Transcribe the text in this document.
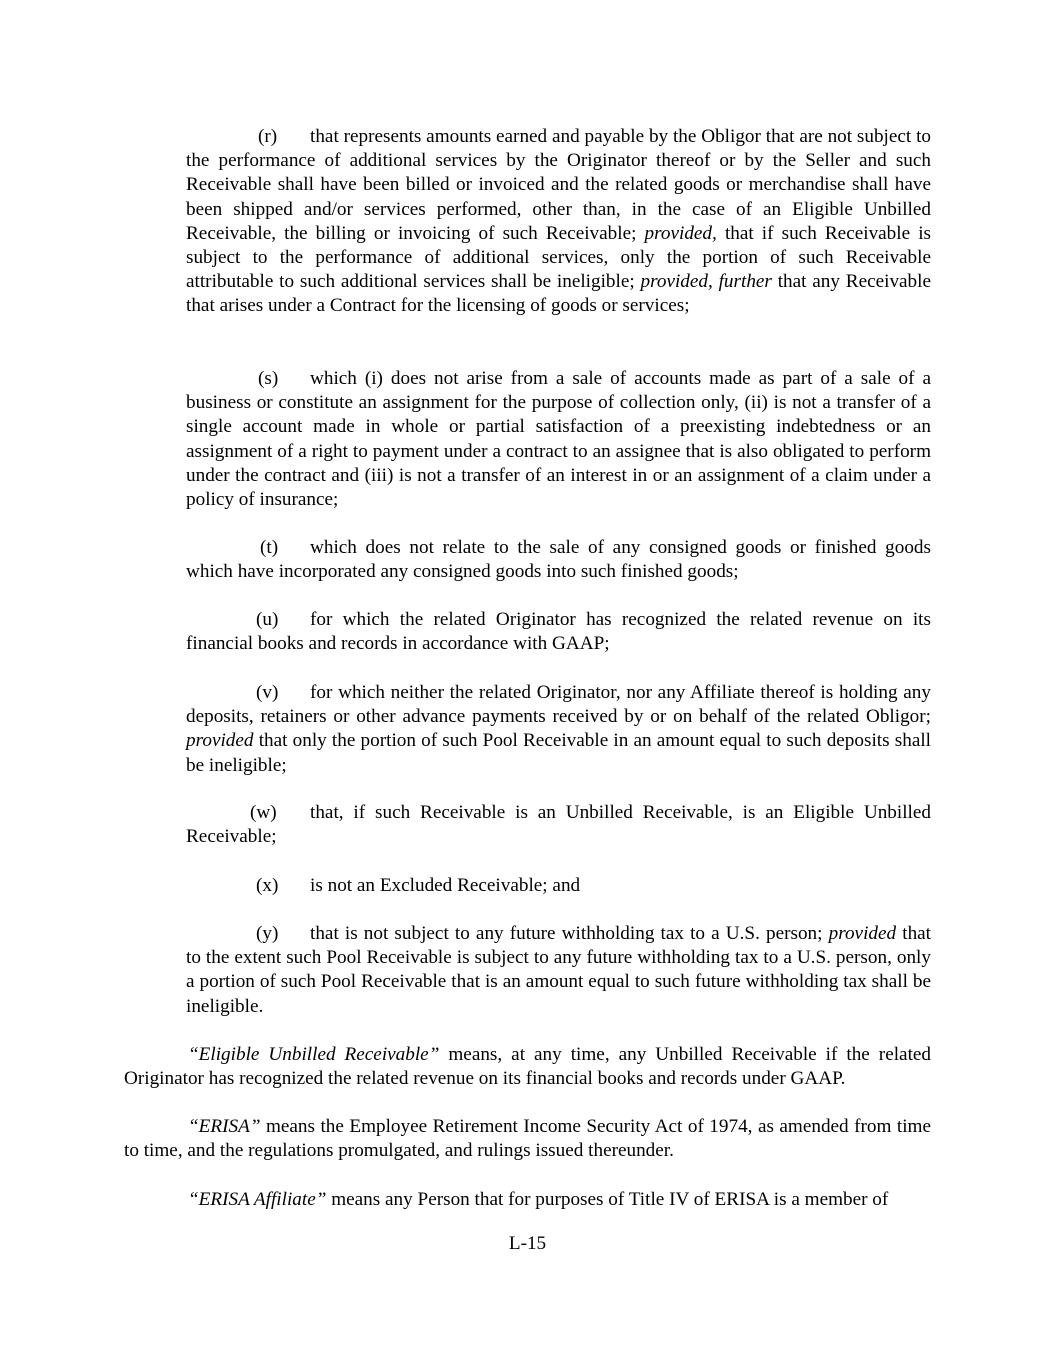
(r) that represents amounts earned and payable by the Obligor that are not subject to the performance of additional services by the Originator thereof or by the Seller and such Receivable shall have been billed or invoiced and the related goods or merchandise shall have been shipped and/or services performed, other than, in the case of an Eligible Unbilled Receivable, the billing or invoicing of such Receivable; provided, that if such Receivable is subject to the performance of additional services, only the portion of such Receivable attributable to such additional services shall be ineligible; provided, further that any Receivable that arises under a Contract for the licensing of goods or services;

(s) which (i) does not arise from a sale of accounts made as part of a sale of a business or constitute an assignment for the purpose of collection only, (ii) is not a transfer of a single account made in whole or partial satisfaction of a preexisting indebtedness or an assignment of a right to payment under a contract to an assignee that is also obligated to perform under the contract and (iii) is not a transfer of an interest in or an assignment of a claim under a policy of insurance;

(t) which does not relate to the sale of any consigned goods or finished goods which have incorporated any consigned goods into such finished goods;

(u) for which the related Originator has recognized the related revenue on its financial books and records in accordance with GAAP;

(v) for which neither the related Originator, nor any Affiliate thereof is holding any deposits, retainers or other advance payments received by or on behalf of the related Obligor; provided that only the portion of such Pool Receivable in an amount equal to such deposits shall be ineligible;

(w) that, if such Receivable is an Unbilled Receivable, is an Eligible Unbilled Receivable;

(x) is not an Excluded Receivable; and

(y) that is not subject to any future withholding tax to a U.S. person; provided that to the extent such Pool Receivable is subject to any future withholding tax to a U.S. person, only a portion of such Pool Receivable that is an amount equal to such future withholding tax shall be ineligible.

“Eligible Unbilled Receivable” means, at any time, any Unbilled Receivable if the related Originator has recognized the related revenue on its financial books and records under GAAP.

“ERISA” means the Employee Retirement Income Security Act of 1974, as amended from time to time, and the regulations promulgated, and rulings issued thereunder.

“ERISA Affiliate” means any Person that for purposes of Title IV of ERISA is a member of

L-15
